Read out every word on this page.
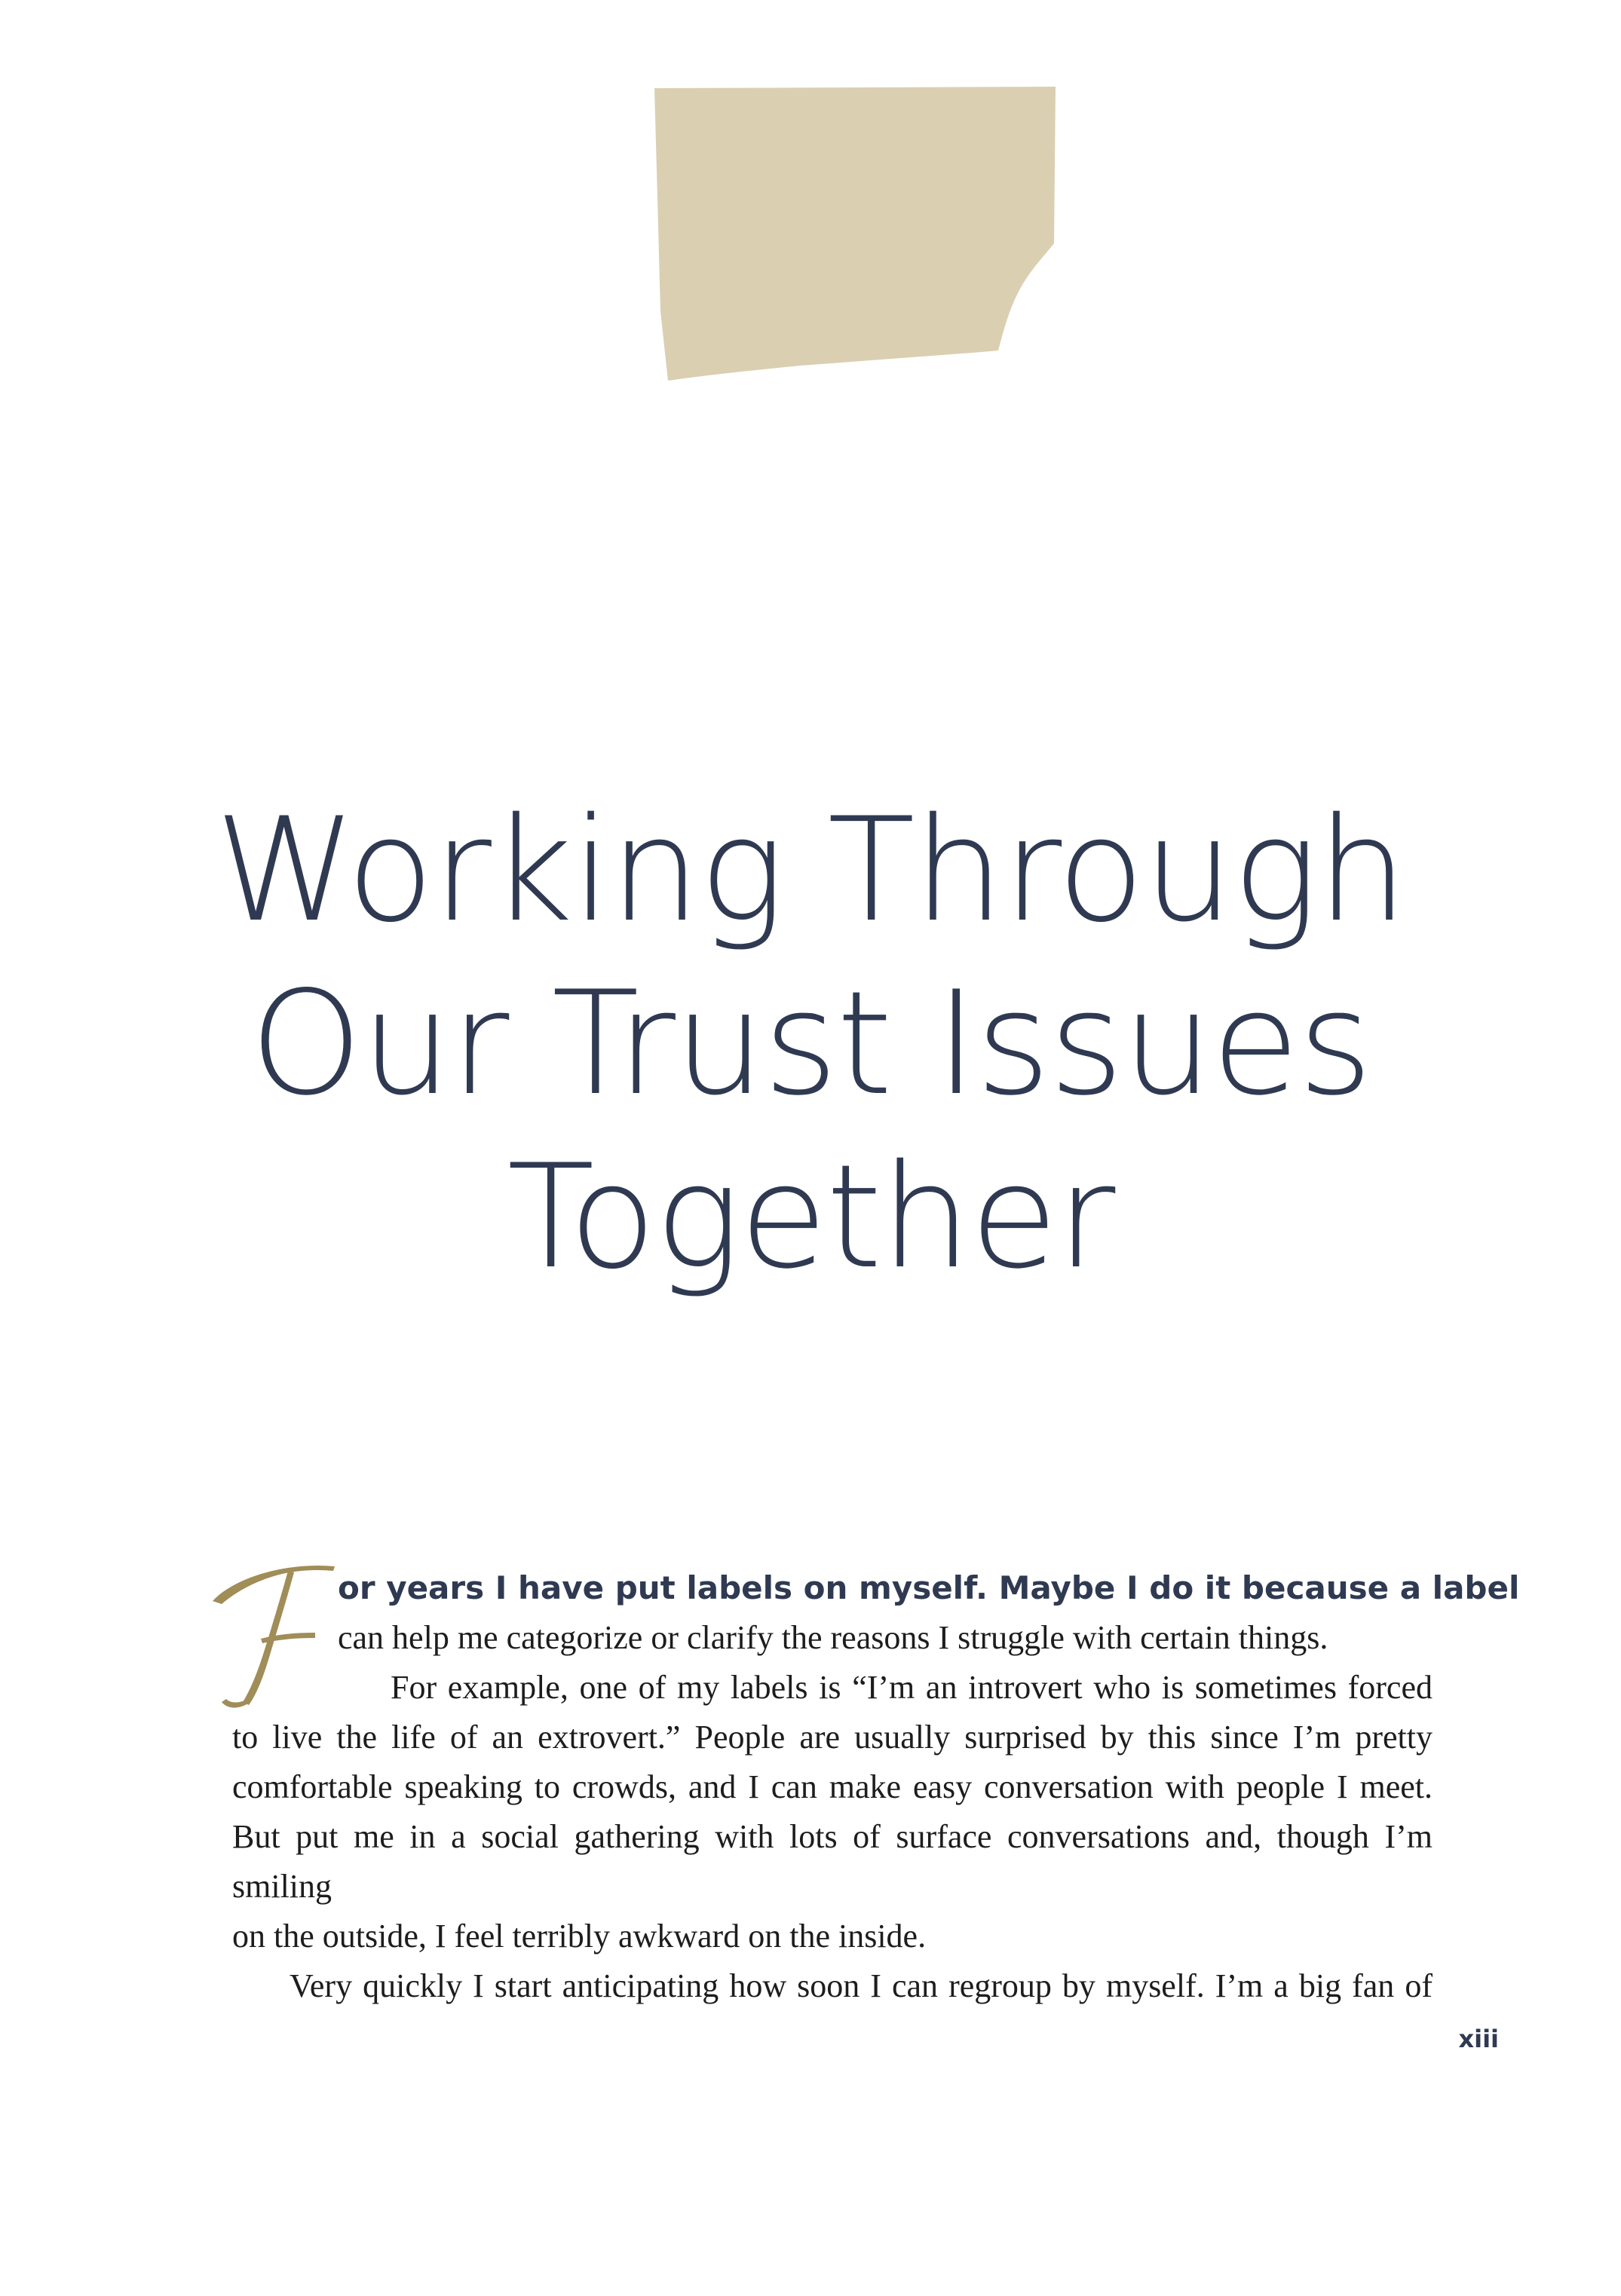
Working Through
Our Trust Issues
Together

or years I have put labels on myself. Maybe I do it because a label

can help me categorize or clarify the reasons I struggle with certain things.

For example, one of my labels is “I’m an introvert who is sometimes forced
to live the life of an extrovert.” People are usually surprised by this since I’m pretty
comfortable speaking to crowds, and I can make easy conversation with people I meet.
But put me in a social gathering with lots of surface conversations and, though I’m smiling
on the outside, I feel terribly awkward on the inside.

Very quickly I start anticipating how soon I can regroup by myself. I’m a big fan of

xiii
